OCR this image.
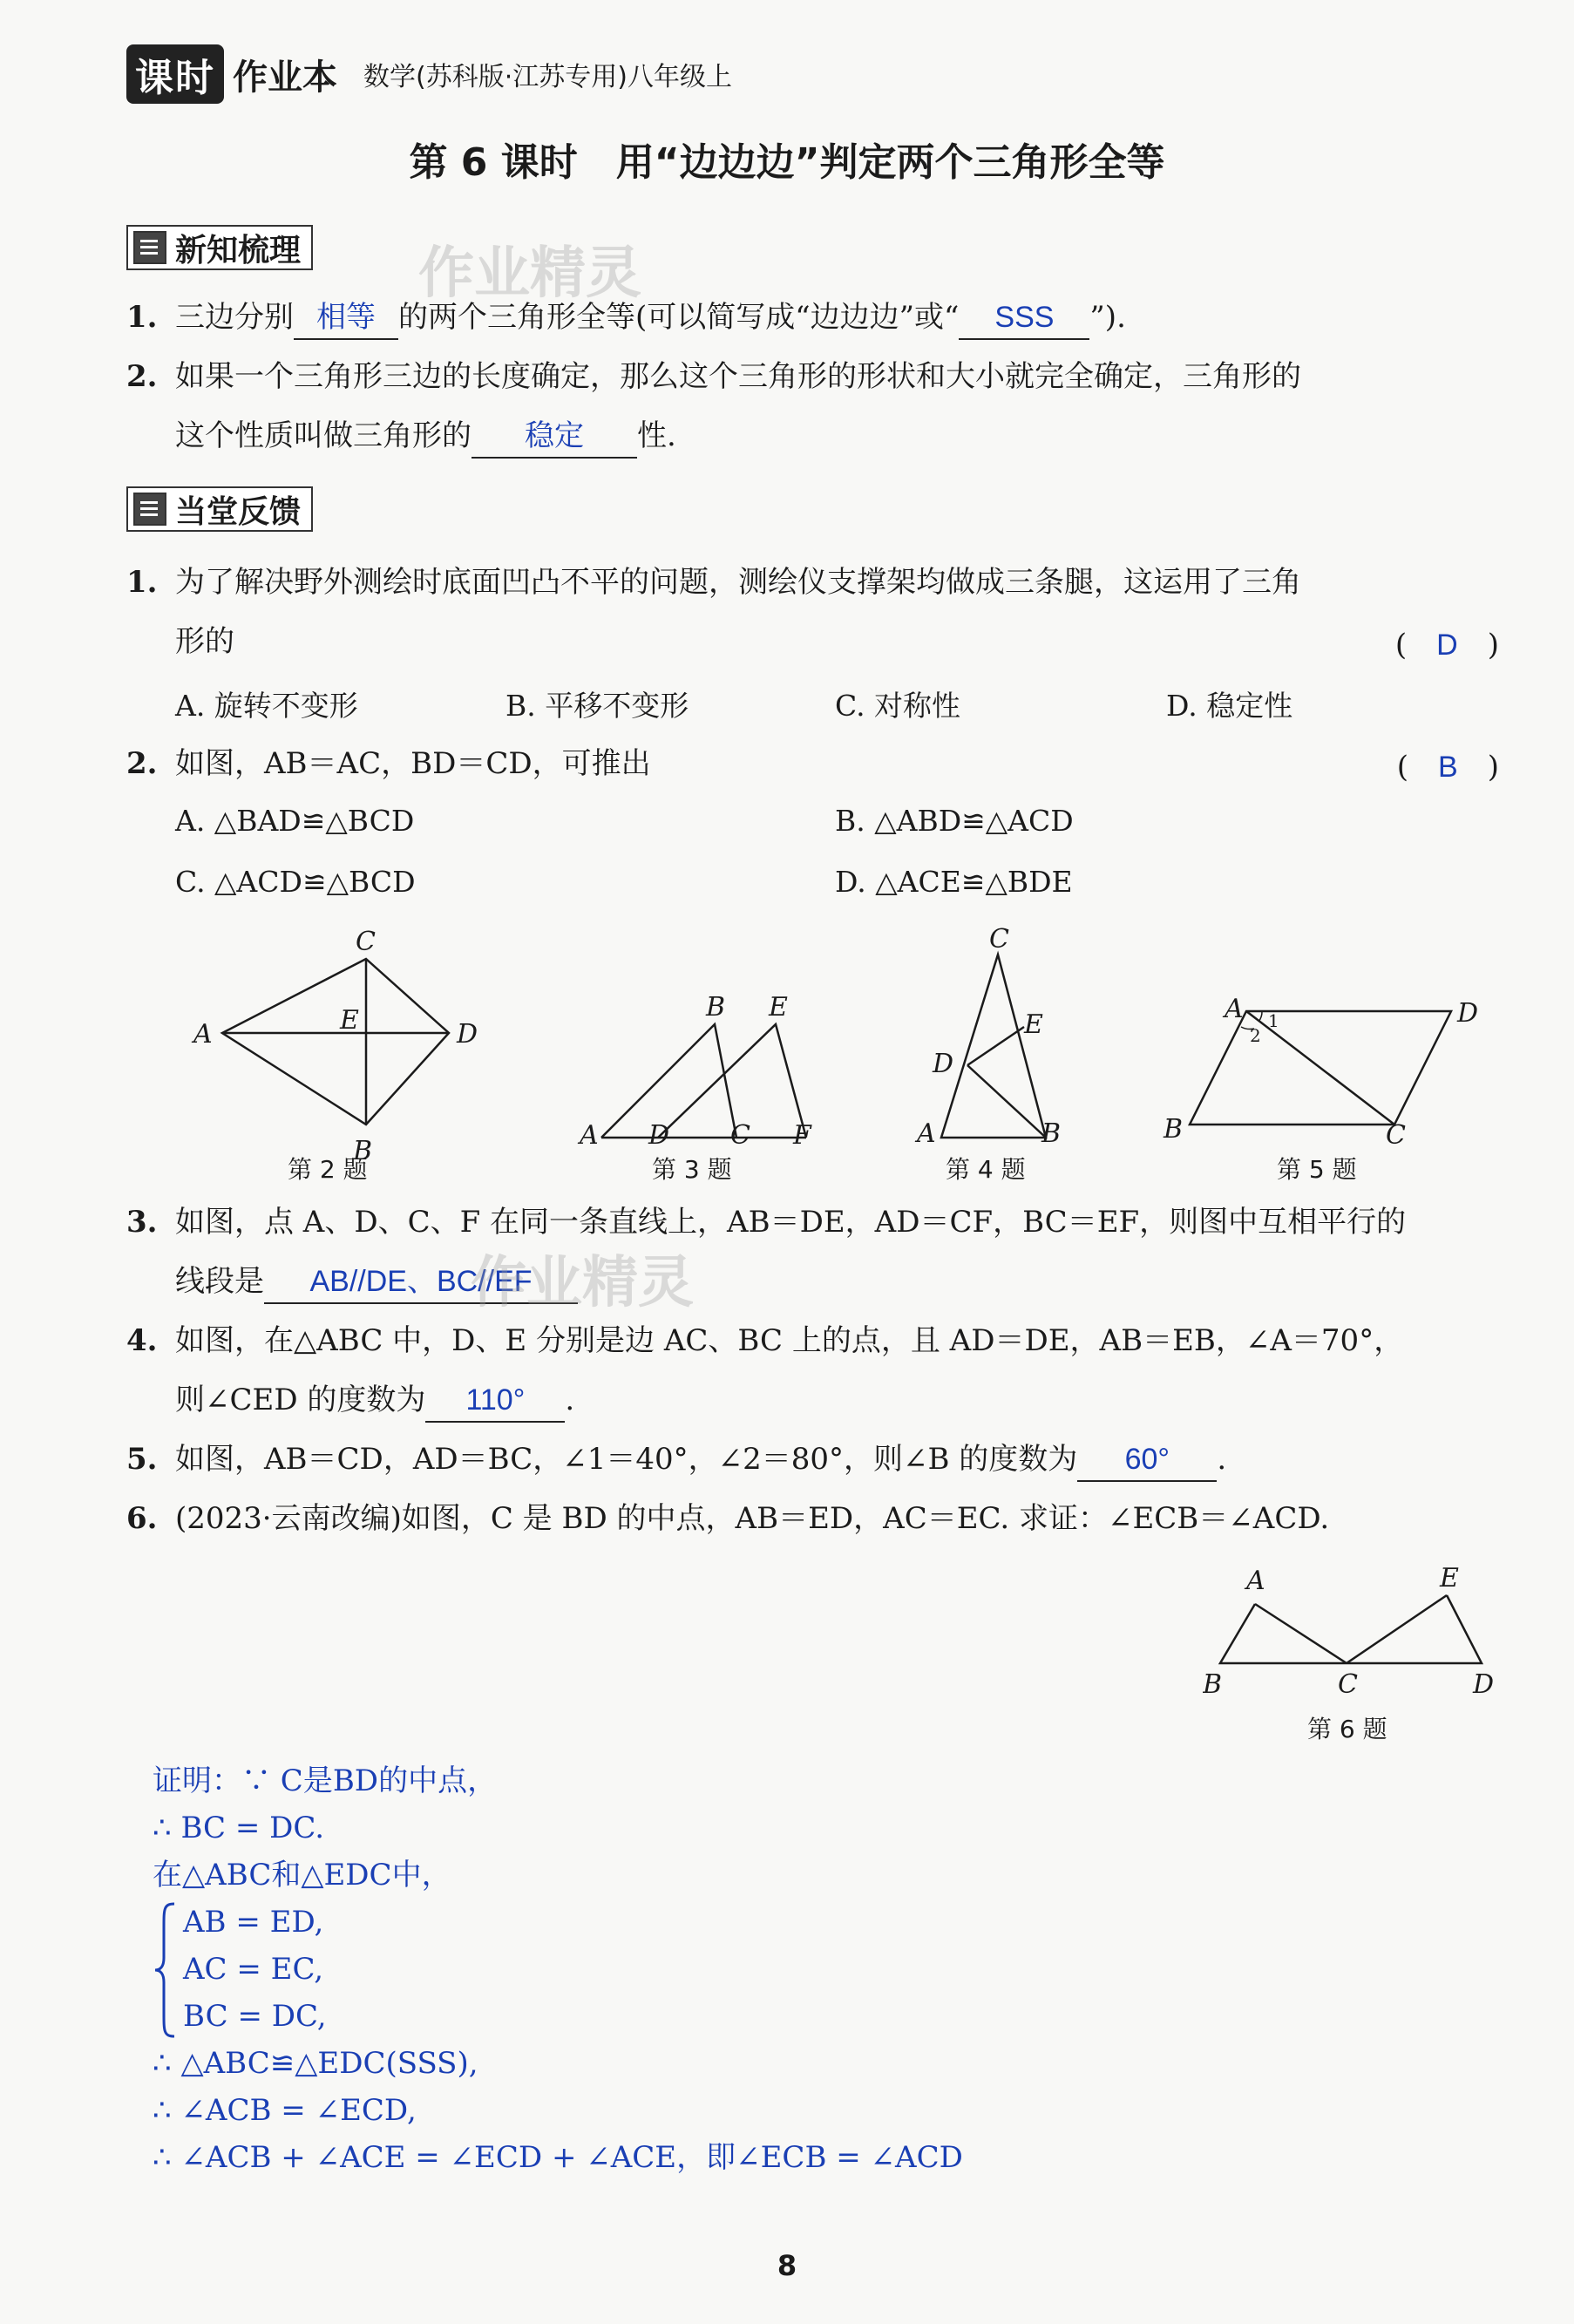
课时 作业本 数学(苏科版·江苏专用)八年级上
第 6 课时　用“边边边”判定两个三角形全等
新知梳理 作业精灵
1. 三边分别 相等 的两个三角形全等(可以简写成“边边边”或“ SSS ”).
2. 如果一个三角形三边的长度确定，那么这个三角形的形状和大小就完全确定，三角形的
这个性质叫做三角形的 稳定 性.
当堂反馈
1. 为了解决野外测绘时底面凹凸不平的问题，测绘仪支撑架均做成三条腿，这运用了三角
形的	(　D　)
A. 旋转不变形	B. 平移不变形	C. 对称性	D. 稳定性
2. 如图，AB＝AC，BD＝CD，可推出	(　B　)
A. △BAD≌△BCD	B. △ABD≌△ACD
C. △ACD≌△BCD	D. △ACE≌△BDE
A
B
C
D
E
A
B
C
D
E
F	A	B
C
D
E
A
B	C
D
1
2
第 2 题	第 3 题	第 4 题	第 5 题
3. 如图，点 A、D、C、F 在同一条直线上，AB＝DE，AD＝CF，BC＝EF，则图中互相平行的
线段是 AB//DE、BC//EF
作业精灵
4. 如图，在△ABC 中，D、E 分别是边 AC、BC 上的点，且 AD＝DE，AB＝EB，∠A＝70°，
则∠CED 的度数为 110° .
5. 如图，AB＝CD，AD＝BC，∠1＝40°，∠2＝80°，则∠B 的度数为 60° .
6. (2023·云南改编)如图，C 是 BD 的中点，AB＝ED，AC＝EC. 求证：∠ECB＝∠ACD.
A
B	C	D
E
第 6 题
证明：∵ C是BD的中点，
∴ BC = DC.
在△ABC和△EDC中，
AB = ED,
AC = EC,
BC = DC,
∴ △ABC≌△EDC(SSS),
∴ ∠ACB = ∠ECD,
∴ ∠ACB + ∠ACE = ∠ECD + ∠ACE，即∠ECB = ∠ACD
8
